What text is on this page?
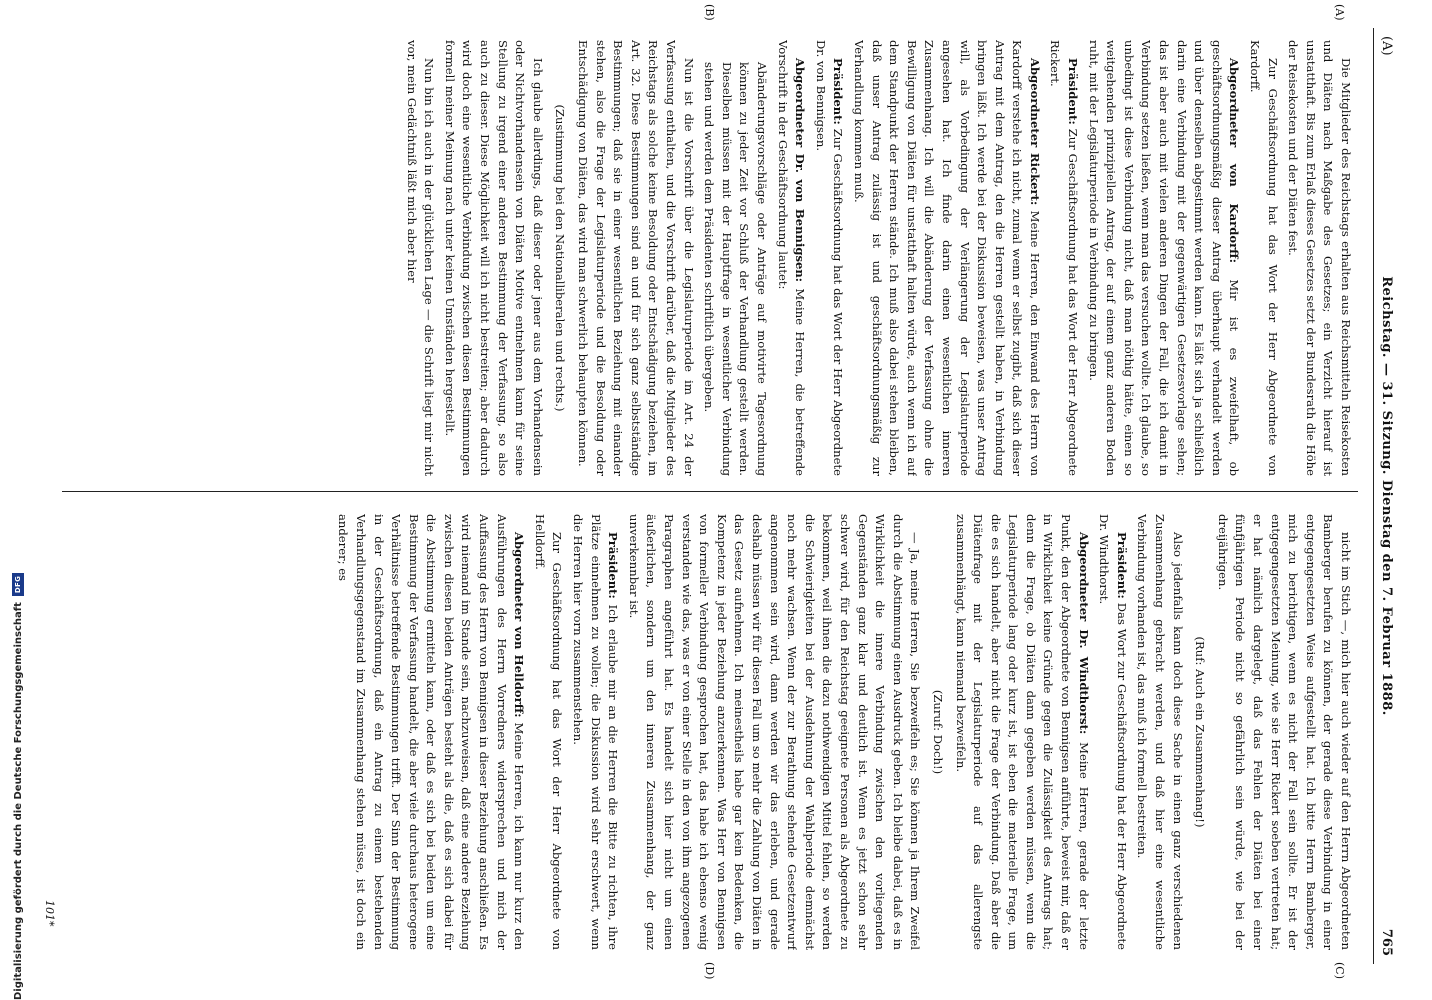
(A)
Reichstag. — 31. Sitzung. Dienstag den 7. Februar 1888.
765
(A)
(B)
(C)
(D)

Die Mitglieder des Reichstags erhalten aus Reichsmitteln Reisekosten und Diäten nach Maßgabe des Gesetzes; ein Verzicht hierauf ist unstatthaft. Bis zum Erlaß dieses Gesetzes setzt der Bundesrath die Höhe der Reisekosten und der Diäten fest.

Zur Geschäftsordnung hat das Wort der Herr Abgeordnete von Kardorff.

Abgeordneter von Kardorff: Mir ist es zweifelhaft, ob geschäftsordnungsmäßig dieser Antrag überhaupt verhandelt werden und über denselben abgestimmt werden kann. Es läßt sich ja schließlich darin eine Verbindung mit der gegenwärtigen Gesetzesvorlage sehen; das ist aber auch mit vielen anderen Dingen der Fall, die ich damit in Verbindung setzen ließen, wenn man das versuchen wollte. Ich glaube, so unbedingt ist diese Verbindung nicht, daß man nöthig hätte, einen so weitgehenden prinzipiellen Antrag, der auf einem ganz anderen Boden ruht, mit der Legislaturperiode in Verbindung zu bringen.

Präsident: Zur Geschäftsordnung hat das Wort der Herr Abgeordnete Rickert.

Abgeordneter Rickert: Meine Herren, den Einwand des Herrn von Kardorff verstehe ich nicht, zumal wenn er selbst zugibt, daß sich dieser Antrag mit dem Antrag, den die Herren gestellt haben, in Verbindung bringen läßt. Ich werde bei der Diskussion beweisen, was unser Antrag will, als Vorbedingung der Verlängerung der Legislaturperiode angesehen hat. Ich finde darin einen wesentlichen inneren Zusammenhang. Ich will die Abänderung der Verfassung ohne die Bewilligung von Diäten für unstatthaft halten würde, auch wenn ich auf dem Standpunkt der Herren stände. Ich muß also dabei stehen bleiben, daß unser Antrag zulässig ist und geschäftsordnungsmäßig zur Verhandlung kommen muß.

Präsident: Zur Geschäftsordnung hat das Wort der Herr Abgeordnete Dr. von Bennigsen.

Abgeordneter Dr. von Bennigsen: Meine Herren, die betreffende Vorschrift in der Geschäftsordnung lautet:

Abänderungsvorschläge oder Anträge auf motivirte Tagesordnung können zu jeder Zeit vor Schluß der Verhandlung gestellt werden. Dieselben müssen mit der Hauptfrage in wesentlicher Verbindung stehen und werden dem Präsidenten schriftlich übergeben.

Nun ist die Vorschrift über die Legislaturperiode im Art. 24 der Verfassung enthalten, und die Vorschrift darüber, daß die Mitglieder des Reichstags als solche keine Besoldung oder Entschädigung beziehen, im Art. 32. Diese Bestimmungen sind an und für sich ganz selbstständige Bestimmungen; daß sie in einer wesentlichen Beziehung mit einander stehen, also die Frage der Legislaturperiode und die Besoldung oder Entschädigung von Diäten, das wird man schwerlich behaupten können.

(Zustimmung bei den Nationalliberalen und rechts.)

Ich glaube allerdings, daß dieser oder jener aus dem Vorhandensein oder Nichtvorhandensein von Diäten Motive entnehmen kann für seine Stellung zu irgend einer anderen Bestimmung der Verfassung, so also auch zu dieser. Diese Möglichkeit will ich nicht bestreiten; aber dadurch wird doch eine wesentliche Verbindung zwischen diesen Bestimmungen formell meiner Meinung nach unter keinen Umständen hergestellt.

Nun bin ich auch in der glücklichen Lage — die Schrift liegt mir nicht vor, mein Gedächtniß läßt mich aber hier

nicht im Stich —, mich hier auch wieder auf den Herrn Abgeordneten Bamberger berufen zu können, der gerade diese Verbindung in einer entgegengesetzten Weise aufgestellt hat. Ich bitte Herrn Bamberger, mich zu berichtigen, wenn es nicht der Fall sein sollte. Er ist der entgegengesetzten Meinung, wie sie Herr Rickert soeben vertreten hat; er hat nämlich dargelegt, daß das Fehlen der Diäten bei einer fünfjährigen Periode nicht so gefährlich sein würde, wie bei der dreijährigen.

(Ruf: Auch ein Zusammenhang!)

Also jedenfalls kann doch diese Sache in einen ganz verschiedenen Zusammenhang gebracht werden, und daß hier eine wesentliche Verbindung vorhanden ist, das muß ich formell bestreiten.

Präsident: Das Wort zur Geschäftsordnung hat der Herr Abgeordnete Dr. Windthorst.

Abgeordneter Dr. Windthorst: Meine Herren, gerade der letzte Punkt, den der Abgeordnete von Bennigsen anführte, beweist mir, daß er in Wirklichkeit keine Gründe gegen die Zulässigkeit des Antrags hat; denn die Frage, ob Diäten dann gegeben werden müssen, wenn die Legislaturperiode lang oder kurz ist, ist eben die materielle Frage, um die es sich handelt, aber nicht die Frage der Verbindung. Daß aber die Diätenfrage mit der Legislaturperiode auf das allerengste zusammenhängt, kann niemand bezweifeln.

(Zuruf: Doch!)

— Ja, meine Herren, Sie bezweifeln es; Sie können ja Ihrem Zweifel durch die Abstimmung einen Ausdruck geben. Ich bleibe dabei, daß es in Wirklichkeit die innere Verbindung zwischen den vorliegenden Gegenständen ganz klar und deutlich ist. Wenn es jetzt schon sehr schwer wird, für den Reichstag geeignete Personen als Abgeordnete zu bekommen, weil ihnen die dazu nothwendigen Mittel fehlen, so werden die Schwierigkeiten bei der Ausdehnung der Wahlperiode demnächst noch mehr wachsen. Wenn der zur Berathung stehende Gesetzentwurf angenommen sein wird, dann werden wir das erleben, und gerade deshalb müssen wir für diesen Fall um so mehr die Zahlung von Diäten in das Gesetz aufnehmen. Ich meinestheils habe gar kein Bedenken, die Kompetenz in jeder Beziehung anzuerkennen. Was Herr von Bennigsen von formeller Verbindung gesprochen hat, das habe ich ebenso wenig verstanden wie das, was er von einer Stelle in den von ihm angezogenen Paragraphen angeführt hat. Es handelt sich hier nicht um einen äußerlichen, sondern um den inneren Zusammenhang, der ganz unverkennbar ist.

Präsident: Ich erlaube mir an die Herren die Bitte zu richten, ihre Plätze einnehmen zu wollen; die Diskussion wird sehr erschwert, wenn die Herren hier vorn zusammenstehen.

Zur Geschäftsordnung hat das Wort der Herr Abgeordnete von Helldorff.

Abgeordneter von Helldorff: Meine Herren, ich kann nur kurz den Ausführungen des Herrn Vorredners widersprechen und mich der Auffassung des Herrn von Bennigsen in dieser Beziehung anschließen. Es wird niemand im Stande sein, nachzuweisen, daß eine andere Beziehung zwischen diesen beiden Anträgen besteht als die, daß es sich dabei für die Abstimmung ermitteln kann, oder daß es sich bei beiden um eine Bestimmung der Verfassung handelt, die aber viele durchaus heterogene Verhältnisse betreffende Bestimmungen trifft. Der Sinn der Bestimmung in der Geschäftsordnung, daß ein Antrag zu einem bestehenden Verhandlungsgegenstand im Zusammenhang stehen müsse, ist doch ein anderer; es

101*
Digitalisierung gefördert durch die Deutsche Forschungsgemeinschaft
DFG
